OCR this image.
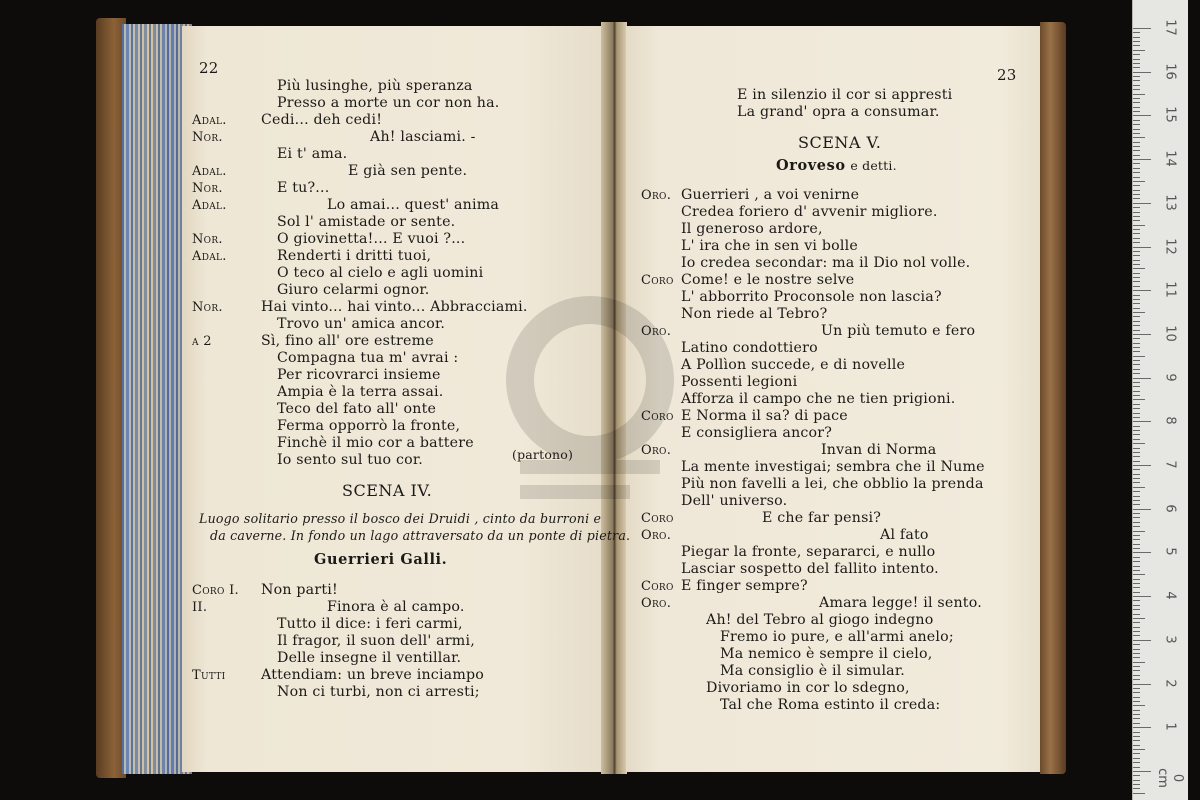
22
(partono)
SCENA IV.
Luogo solitario presso il bosco dei Druidi , cinto da burroni e
da caverne. In fondo un lago attraversato da un ponte di pietra.
Guerrieri Galli.
Più lusinghe, più speranza
Presso a morte un cor non ha.
Adal. Cedi... deh cedi!
Nor.	Ah! lasciami. -
Ei t' ama.
Adal.	E già sen pente.
Nor.	E tu?...
Adal.	Lo amai... quest' anima
Sol l' amistade or sente.
Nor.	O giovinetta!... E vuoi ?...
Adal.	Renderti i dritti tuoi,
O teco al cielo e agli uomini
Giuro celarmi ognor.
Nor.	Hai vinto... hai vinto... Abbracciami.
Trovo un' amica ancor.
a 2	Sì, fino all' ore estreme
Compagna tua m' avrai :
Per ricovrarci insieme
Ampia è la terra assai.
Teco del fato all' onte
Ferma opporrò la fronte,
Finchè il mio cor a battere
Io sento sul tuo cor.
Coro I. Non parti!
II.	Finora è al campo.
Tutto il dice: i feri carmi,
Il fragor, il suon dell' armi,
Delle insegne il ventillar.
Tutti	Attendiam: un breve inciampo
Non ci turbi, non ci arresti;
23
SCENA V.
Oroveso e detti.
Oro. Guerrieri , a voi venirne
Credea foriero d' avvenir migliore.
Il generoso ardore,
L' ira che in sen vi bolle
Io credea secondar: ma il Dio nol volle.
Coro Come! e le nostre selve
L' abborrito Proconsole non lascia?
Non riede al Tebro?
Oro.	Un più temuto e fero
Latino condottiero
A Pollìon succede, e di novelle
Possenti legioni
Afforza il campo che ne tien prigioni.
Coro E Norma il sa? di pace
E consigliera ancor?
Oro.	Invan di Norma
La mente investigai; sembra che il Nume
Più non favelli a lei, che obblio la prenda
Dell' universo.
Coro	E che far pensi?
Oro.	Al fato
Piegar la fronte, separarci, e nullo
Lasciar sospetto del fallito intento.
Coro E finger sempre?
Oro.	Amara legge! il sento.
Ah! del Tebro al giogo indegno
Fremo io pure, e all'armi anelo;
Ma nemico è sempre il cielo,
Ma consiglio è il simular.
Divoriamo in cor lo sdegno,
Tal che Roma estinto il creda:
E in silenzio il cor si appresti
La grand' opra a consumar.
17
16
15
14
13
12
11
10
9
8
7
6
5
4
3
2
1
0 cm
